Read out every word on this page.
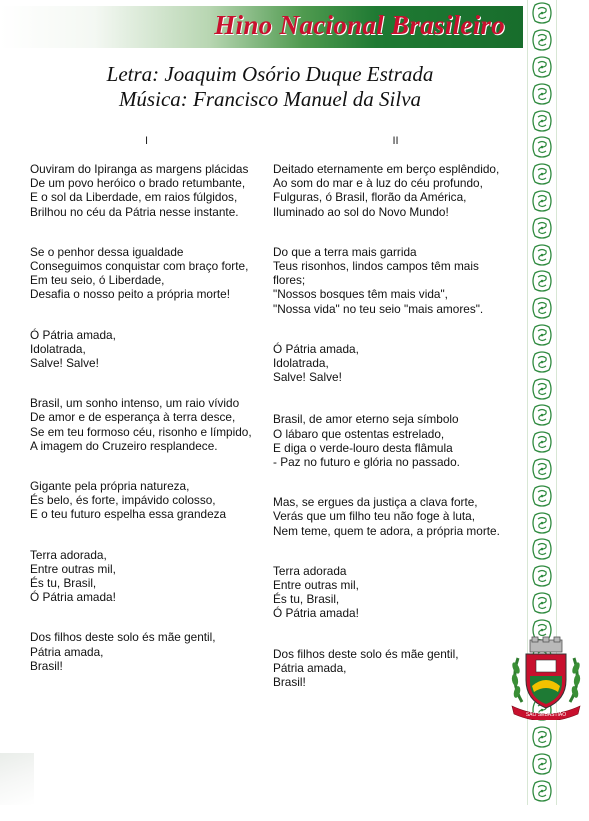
Hino Nacional Brasileiro
Letra: Joaquim Osório Duque Estrada
Música: Francisco Manuel da Silva
I
Ouviram do Ipiranga as margens plácidas
De um povo heróico o brado retumbante,
E o sol da Liberdade, em raios fúlgidos,
Brilhou no céu da Pátria nesse instante.
Se o penhor dessa igualdade
Conseguimos conquistar com braço forte,
Em teu seio, ó Liberdade,
Desafia o nosso peito a própria morte!
Ó Pátria amada,
Idolatrada,
Salve! Salve!
Brasil, um sonho intenso, um raio vívido
De amor e de esperança à terra desce,
Se em teu formoso céu, risonho e límpido,
A imagem do Cruzeiro resplandece.
Gigante pela própria natureza,
És belo, és forte, impávido colosso,
E o teu futuro espelha essa grandeza
Terra adorada,
Entre outras mil,
És tu, Brasil,
Ó Pátria amada!
Dos filhos deste solo és mãe gentil,
Pátria amada,
Brasil!
II
Deitado eternamente em berço esplêndido,
Ao som do mar e à luz do céu profundo,
Fulguras, ó Brasil, florão da América,
Iluminado ao sol do Novo Mundo!
Do que a terra mais garrida
Teus risonhos, lindos campos têm mais
flores;
"Nossos bosques têm mais vida",
"Nossa vida" no teu seio "mais amores".
Ó Pátria amada,
Idolatrada,
Salve! Salve!
Brasil, de amor eterno seja símbolo
O lábaro que ostentas estrelado,
E diga o verde-louro desta flâmula
- Paz no futuro e glória no passado.
Mas, se ergues da justiça a clava forte,
Verás que um filho teu não foge à luta,
Nem teme, quem te adora, a própria morte.
Terra adorada
Entre outras mil,
És tu, Brasil,
Ó Pátria amada!
Dos filhos deste solo és mãe gentil,
Pátria amada,
Brasil!
SÃO SEBASTIÃO
